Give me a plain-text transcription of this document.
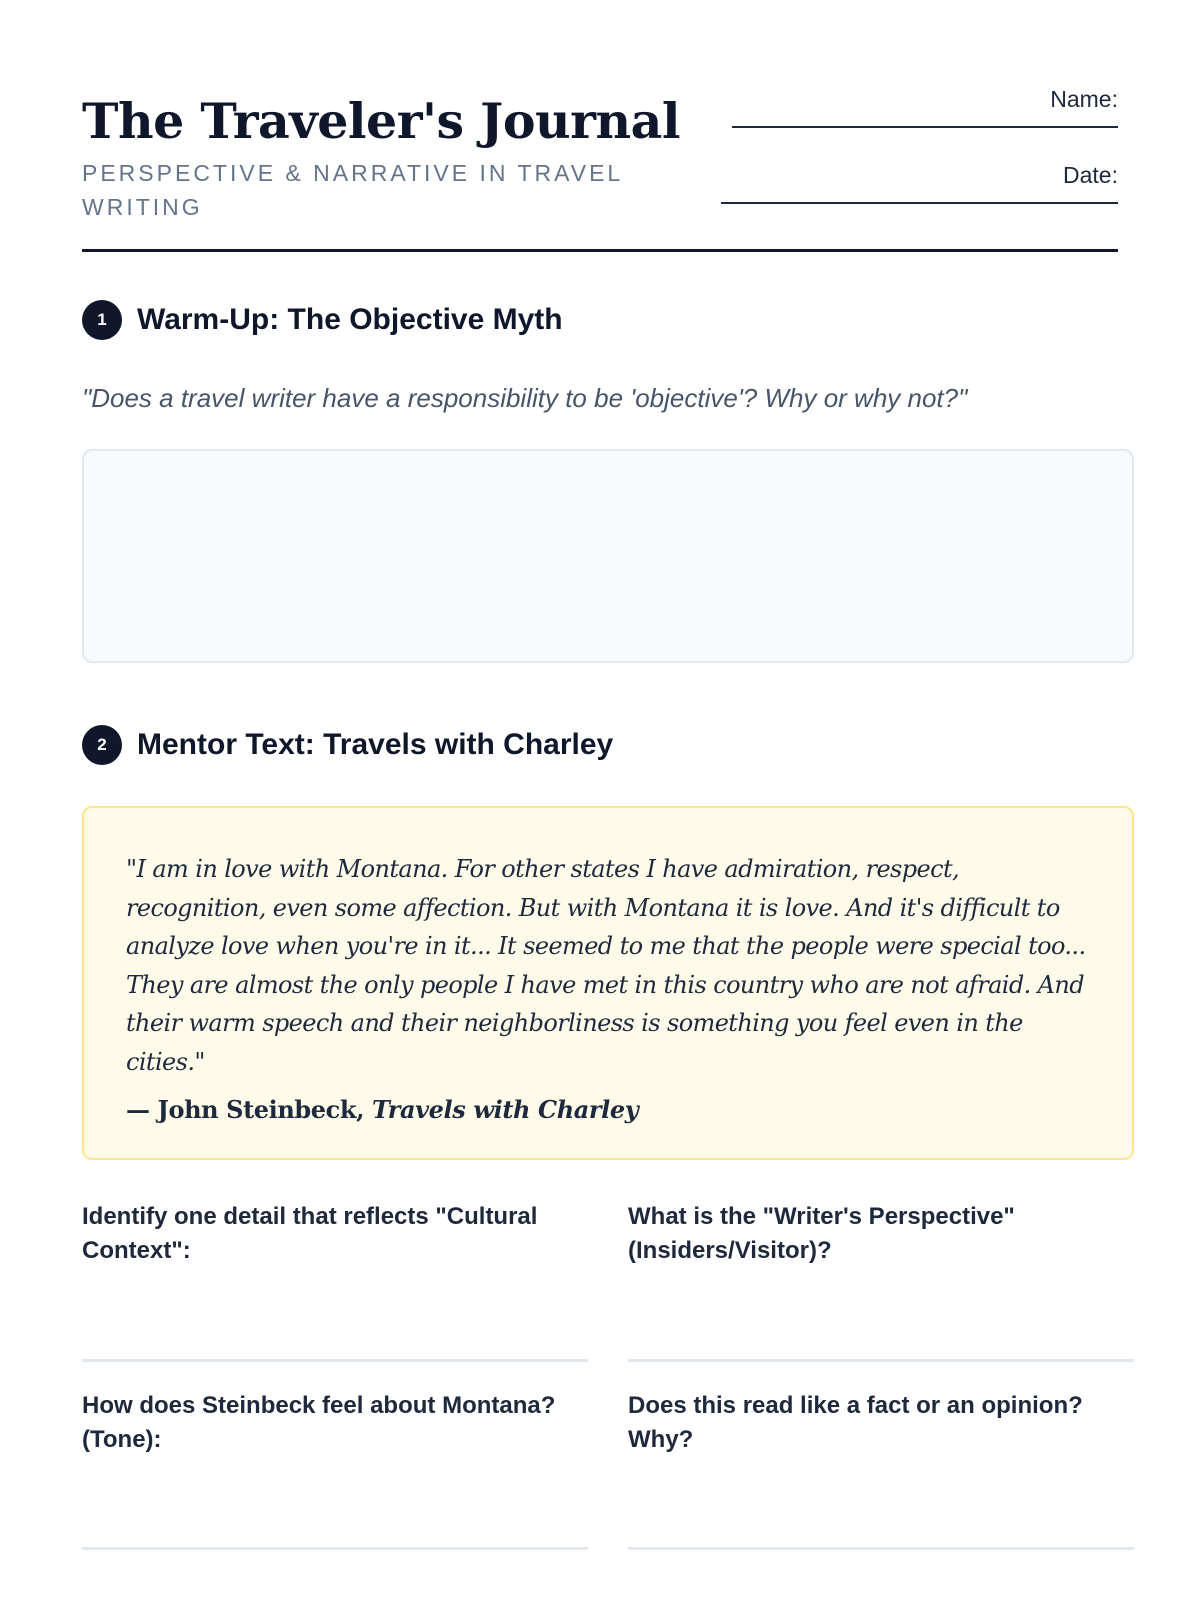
The Traveler's Journal
PERSPECTIVE & NARRATIVE IN TRAVEL WRITING
Name:
Date:
1	Warm-Up: The Objective Myth
"Does a travel writer have a responsibility to be 'objective'? Why or why not?"
2	Mentor Text: Travels with Charley

"I am in love with Montana. For other states I have admiration, respect, recognition, even some affection. But with Montana it is love. And it's difficult to analyze love when you're in it... It seemed to me that the people were special too... They are almost the only people I have met in this country who are not afraid. And their warm speech and their neighborliness is something you feel even in the cities."

— John Steinbeck, Travels with Charley

Identify one detail that reflects "Cultural Context":
What is the "Writer's Perspective" (Insiders/Visitor)?
How does Steinbeck feel about Montana? (Tone):
Does this read like a fact or an opinion? Why?
